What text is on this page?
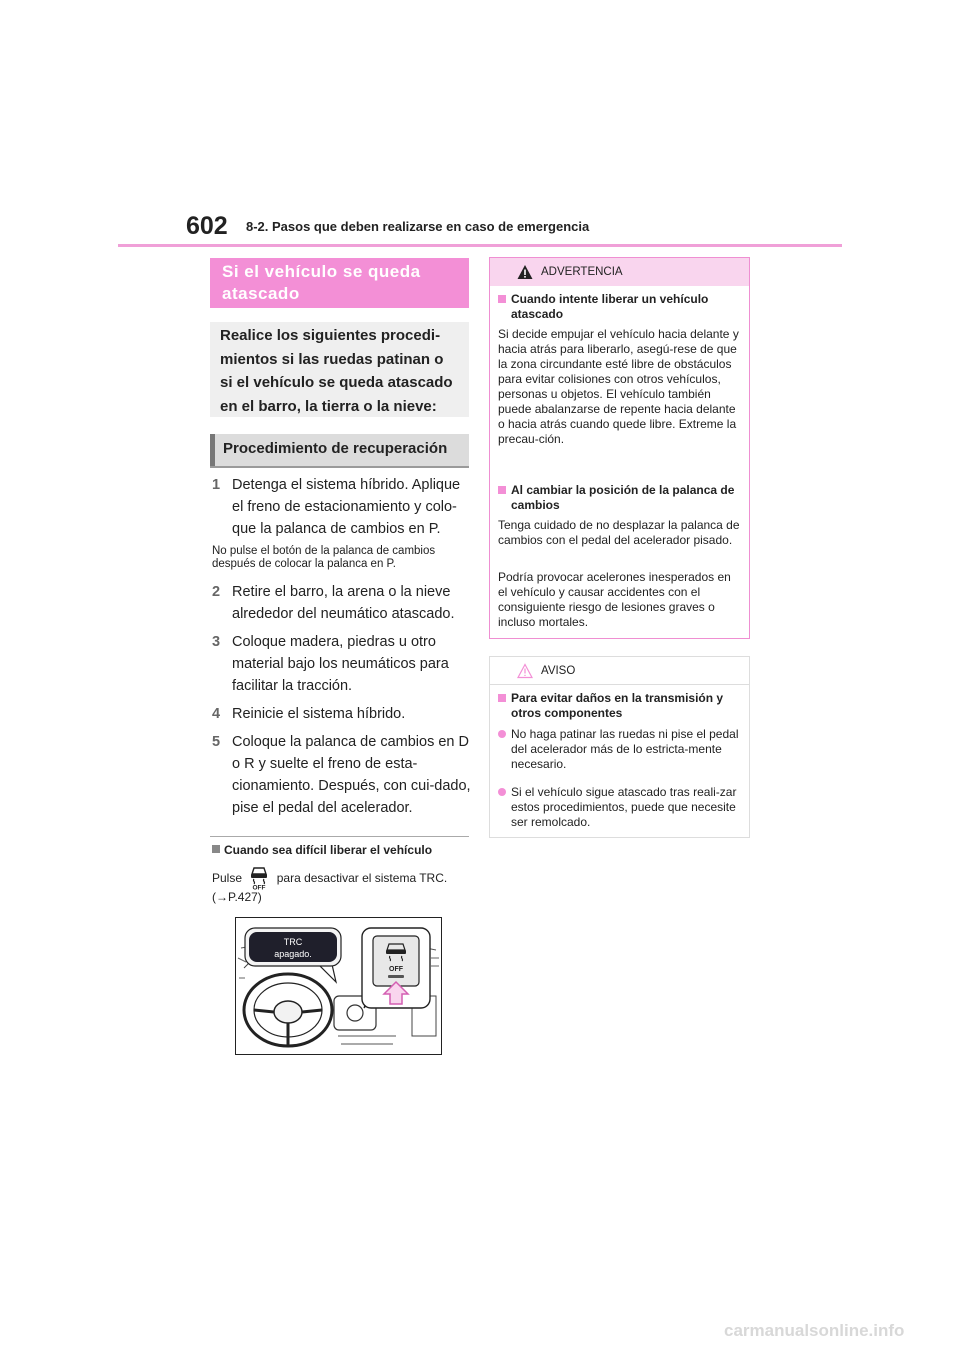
602 8-2. Pasos que deben realizarse en caso de emergencia
Si el vehículo se queda atascado
Realice los siguientes procedi-mientos si las ruedas patinan o si el vehículo se queda atascado en el barro, la tierra o la nieve:
Procedimiento de recuperación
1 Detenga el sistema híbrido. Aplique el freno de estacionamiento y colo-que la palanca de cambios en P.
No pulse el botón de la palanca de cambios después de colocar la palanca en P.
2 Retire el barro, la arena o la nieve alrededor del neumático atascado.
3 Coloque madera, piedras u otro material bajo los neumáticos para facilitar la tracción.
4 Reinicie el sistema híbrido.
5 Coloque la palanca de cambios en D o R y suelte el freno de esta-cionamiento. Después, con cui-dado, pise el pedal del acelerador.
Cuando sea difícil liberar el vehículo
Pulse
OFF
para desactivar el sistema TRC.
(→P.427)
TRC
apagado.
OFF
ADVERTENCIA
Cuando intente liberar un vehículo atascado
Si decide empujar el vehículo hacia delante y hacia atrás para liberarlo, asegú-rese de que la zona circundante esté libre de obstáculos para evitar colisiones con otros vehículos, personas u objetos. El vehículo también puede abalanzarse de repente hacia delante o hacia atrás cuando quede libre. Extreme la precau-ción.
Al cambiar la posición de la palanca de cambios
Tenga cuidado de no desplazar la palanca de cambios con el pedal del acelerador pisado.
Podría provocar acelerones inesperados en el vehículo y causar accidentes con el consiguiente riesgo de lesiones graves o incluso mortales.
AVISO
Para evitar daños en la transmisión y otros componentes
No haga patinar las ruedas ni pise el pedal del acelerador más de lo estricta-mente necesario.
Si el vehículo sigue atascado tras reali-zar estos procedimientos, puede que necesite ser remolcado.
carmanualsonline.info
